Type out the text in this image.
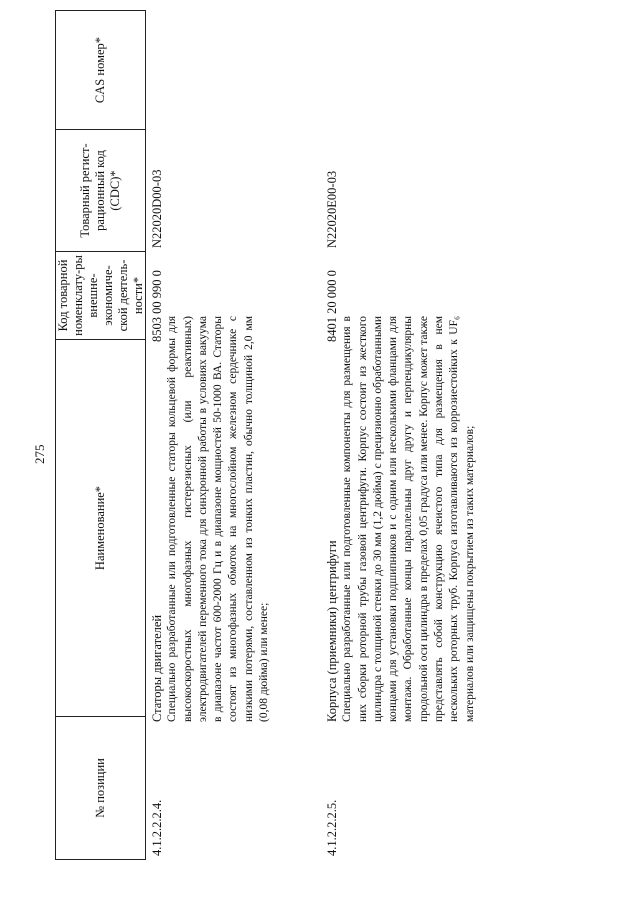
275
№ позиции
Наименование*
Код товарной номенклату-ры внешне-экономиче-ской деятель-ности*
Товарный регист-рационный код (CDC)*
CAS номер*
4.1.2.2.2.4.
Статоры двигателей Специально разработанные или подготовленные статоры кольцевой формы для высокоскоростных многофазных гистерезисных (или реактивных) электродвигателей переменного тока для синхронной работы в условиях вакуума в диапазоне частот 600-2000 Гц и в диапазоне мощностей 50-1000 ВА. Статоры состоят из многофазных обмоток на многослойном железном сердечнике с низкими потерями, составленном из тонких пластин, обычно толщиной 2,0 мм (0,08 дюйма) или менее;
8503 00 990 0
N22020D00-03
4.1.2.2.2.5.
Корпуса (приемники) центрифуги Специально разработанные или подготовленные компоненты для размещения в них сборки роторной трубы газовой центрифуги. Корпус состоит из жесткого цилиндра с толщиной стенки до 30 мм (1,2 дюйма) с прецизионно обработанными концами для установки подшипников и с одним или несколькими фланцами для монтажа. Обработанные концы параллельны друг другу и перпендикулярны продольной оси цилиндра в пределах 0,05 градуса или менее. Корпус может также представлять собой конструкцию ячеистого типа для размещения в нем нескольких роторных труб. Корпуса изготавливаются из коррозиестойких к UF₆ материалов или защищены покрытием из таких материалов;
8401 20 000 0
N22020E00-03
